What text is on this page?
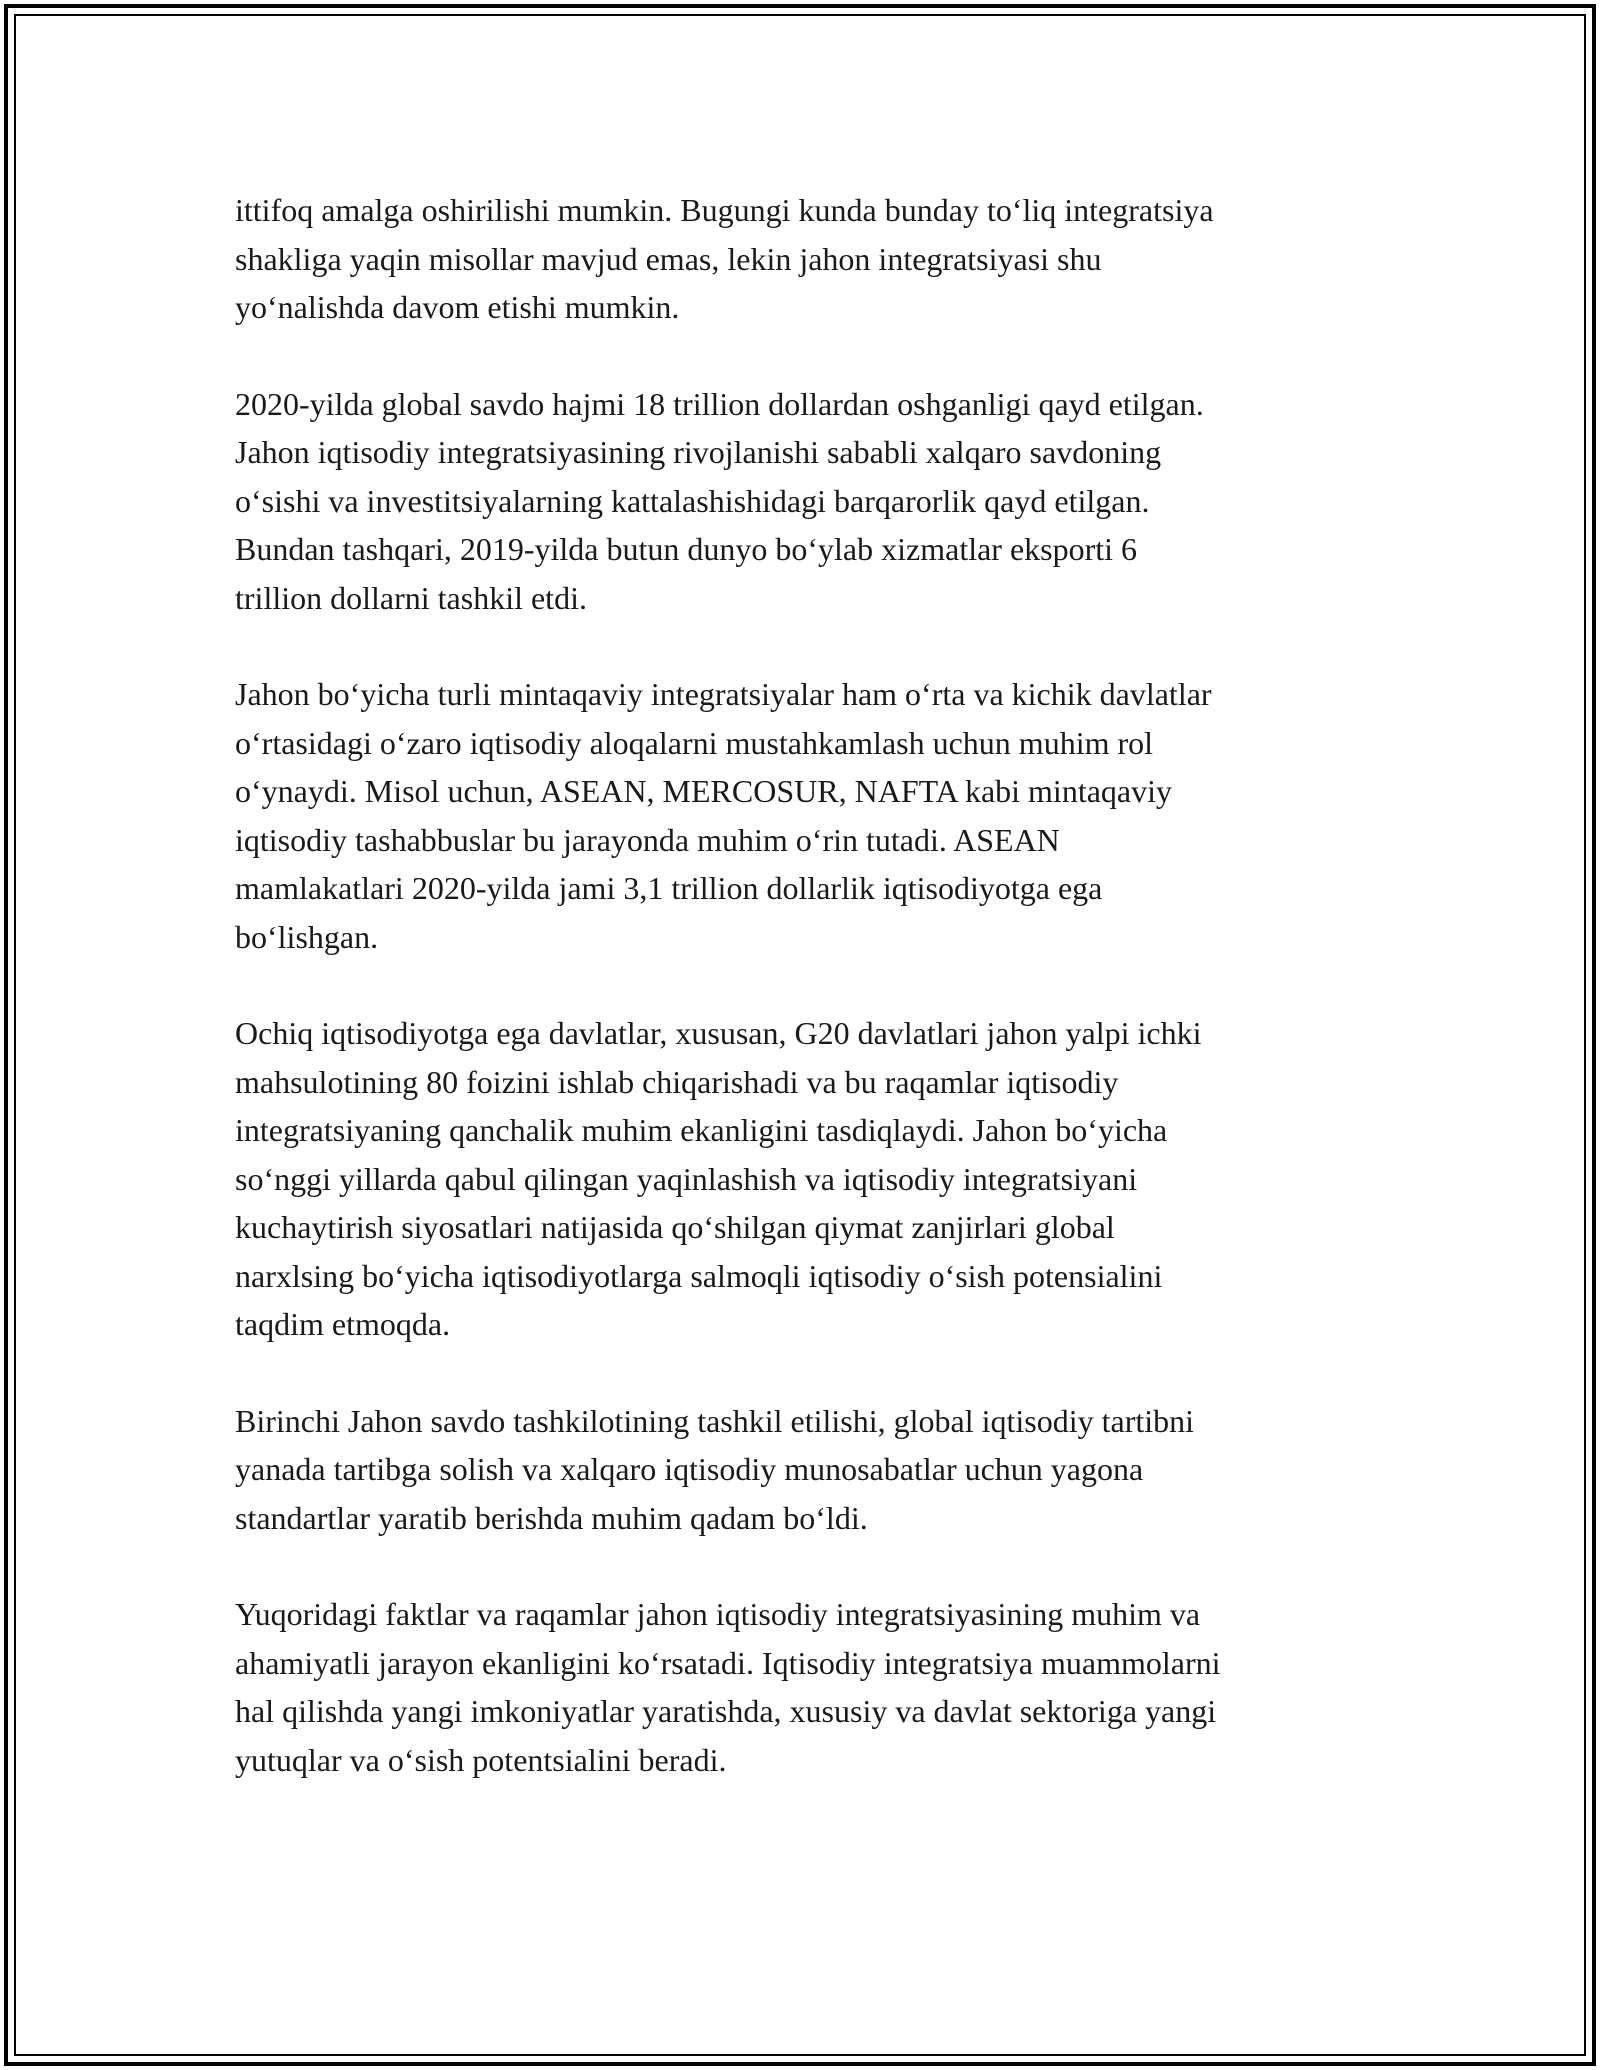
ittifoq amalga oshirilishi mumkin. Bugungi kunda bunday to‘liq integratsiya
shakliga yaqin misollar mavjud emas, lekin jahon integratsiyasi shu
yo‘nalishda davom etishi mumkin.

2020-yilda global savdo hajmi 18 trillion dollardan oshganligi qayd etilgan.
Jahon iqtisodiy integratsiyasining rivojlanishi sababli xalqaro savdoning
o‘sishi va investitsiyalarning kattalashishidagi barqarorlik qayd etilgan.
Bundan tashqari, 2019-yilda butun dunyo bo‘ylab xizmatlar eksporti 6
trillion dollarni tashkil etdi.

Jahon bo‘yicha turli mintaqaviy integratsiyalar ham o‘rta va kichik davlatlar
o‘rtasidagi o‘zaro iqtisodiy aloqalarni mustahkamlash uchun muhim rol
o‘ynaydi. Misol uchun, ASEAN, MERCOSUR, NAFTA kabi mintaqaviy
iqtisodiy tashabbuslar bu jarayonda muhim o‘rin tutadi. ASEAN
mamlakatlari 2020-yilda jami 3,1 trillion dollarlik iqtisodiyotga ega
bo‘lishgan.

Ochiq iqtisodiyotga ega davlatlar, xususan, G20 davlatlari jahon yalpi ichki
mahsulotining 80 foizini ishlab chiqarishadi va bu raqamlar iqtisodiy
integratsiyaning qanchalik muhim ekanligini tasdiqlaydi. Jahon bo‘yicha
so‘nggi yillarda qabul qilingan yaqinlashish va iqtisodiy integratsiyani
kuchaytirish siyosatlari natijasida qo‘shilgan qiymat zanjirlari global
narxlsing bo‘yicha iqtisodiyotlarga salmoqli iqtisodiy o‘sish potensialini
taqdim etmoqda.

Birinchi Jahon savdo tashkilotining tashkil etilishi, global iqtisodiy tartibni
yanada tartibga solish va xalqaro iqtisodiy munosabatlar uchun yagona
standartlar yaratib berishda muhim qadam bo‘ldi.

Yuqoridagi faktlar va raqamlar jahon iqtisodiy integratsiyasining muhim va
ahamiyatli jarayon ekanligini ko‘rsatadi. Iqtisodiy integratsiya muammolarni
hal qilishda yangi imkoniyatlar yaratishda, xususiy va davlat sektoriga yangi
yutuqlar va o‘sish potentsialini beradi.
